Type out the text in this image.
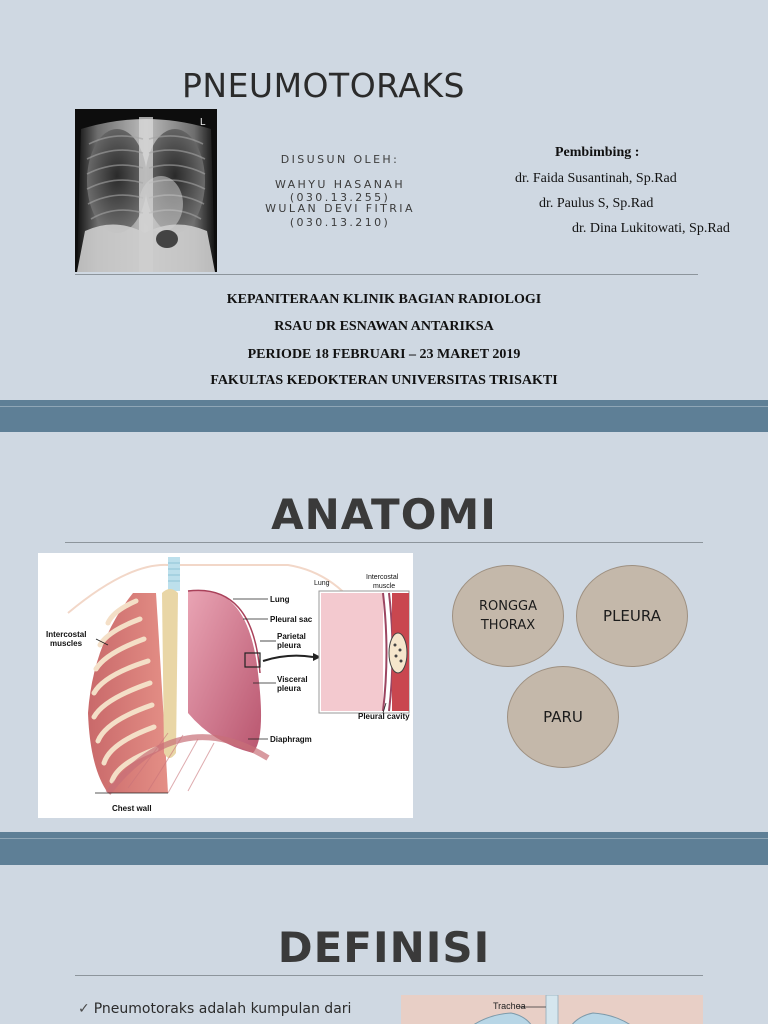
PNEUMOTORAKS
L
DISUSUN OLEH:
WAHYU HASANAH (030.13.255)
WULAN DEVI FITRIA
(030.13.210)
Pembimbing :
dr. Faida Susantinah, Sp.Rad
dr. Paulus S, Sp.Rad
dr. Dina Lukitowati, Sp.Rad
KEPANITERAAN KLINIK BAGIAN RADIOLOGI
RSAU DR ESNAWAN ANTARIKSA
PERIODE 18 FEBRUARI – 23 MARET 2019
FAKULTAS KEDOKTERAN UNIVERSITAS TRISAKTI
ANATOMI
Lung
Pleural sac
Parietal
pleura
Visceral
pleura
Diaphragm
Chest wall
Intercostal
muscles
Pleural cavity
Lung
Intercostal
muscle
RONGGA
THORAX
PLEURA
PARU
DEFINISI
✓ Pneumotoraks adalah kumpulan dari	Trachea
